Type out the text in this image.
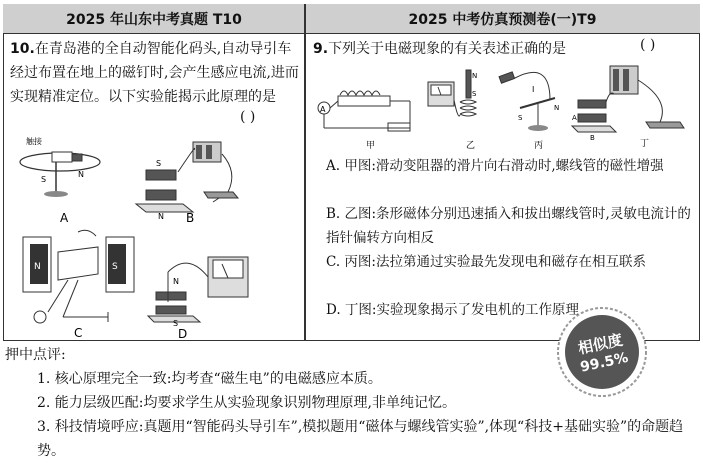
2025 年山东中考真题 T10	2025 中考仿真预测卷(一)T9
10.在青岛港的全自动智能化码头,自动导引车经过布置在地上的磁钉时,会产生感应电流,进而实现精准定位。以下实验能揭示此原理的是
( )
触接
S
N
A
S
N B
N	S
C
N
S
D
9.下列关于电磁现象的有关表述正确的是	( )
A
甲
N
S
乙
I
S
N
丙
A
B
丁
A. 甲图:滑动变阻器的滑片向右滑动时,螺线管的磁性增强
B. 乙图:条形磁体分别迅速插入和拔出螺线管时,灵敏电流计的指针偏转方向相反
C. 丙图:法拉第通过实验最先发现电和磁存在相互联系
D. 丁图:实验现象揭示了发电机的工作原理
押中点评:
1. 核心原理完全一致:均考查“磁生电”的电磁感应本质。
2. 能力层级匹配:均要求学生从实验现象识别物理原理,非单纯记忆。
3. 科技情境呼应:真题用“智能码头导引车”,模拟题用“磁体与螺线管实验”,体现“科技+基础实验”的命题趋势。
相似度
99.5%
